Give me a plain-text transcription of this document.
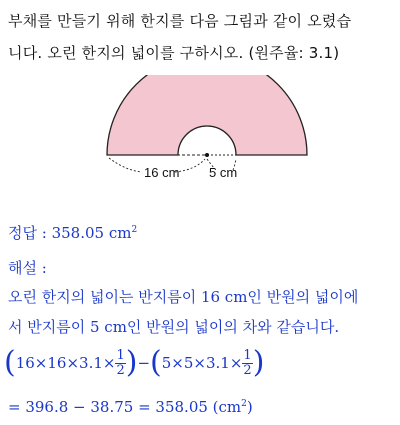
부채를 만들기 위해 한지를 다음 그림과 같이 오렸습
니다. 오린 한지의 넓이를 구하시오. (원주율: 3.1)
16 cm 5 cm
정답 : 358.05 $cm^2$
해설 :
오린 한지의 넓이는 반지름이 16 cm인 반원의 넓이에
서 반지름이 5 cm인 반원의 넓이의 차와 같습니다.
( $16\times 16\times 3.1\times \frac{1}{2}$ ) − ( $5\times 5\times 3.1\times \frac{1}{2}$ )
= 396.8 − 38.75 = 358.05 $(cm^2)$
